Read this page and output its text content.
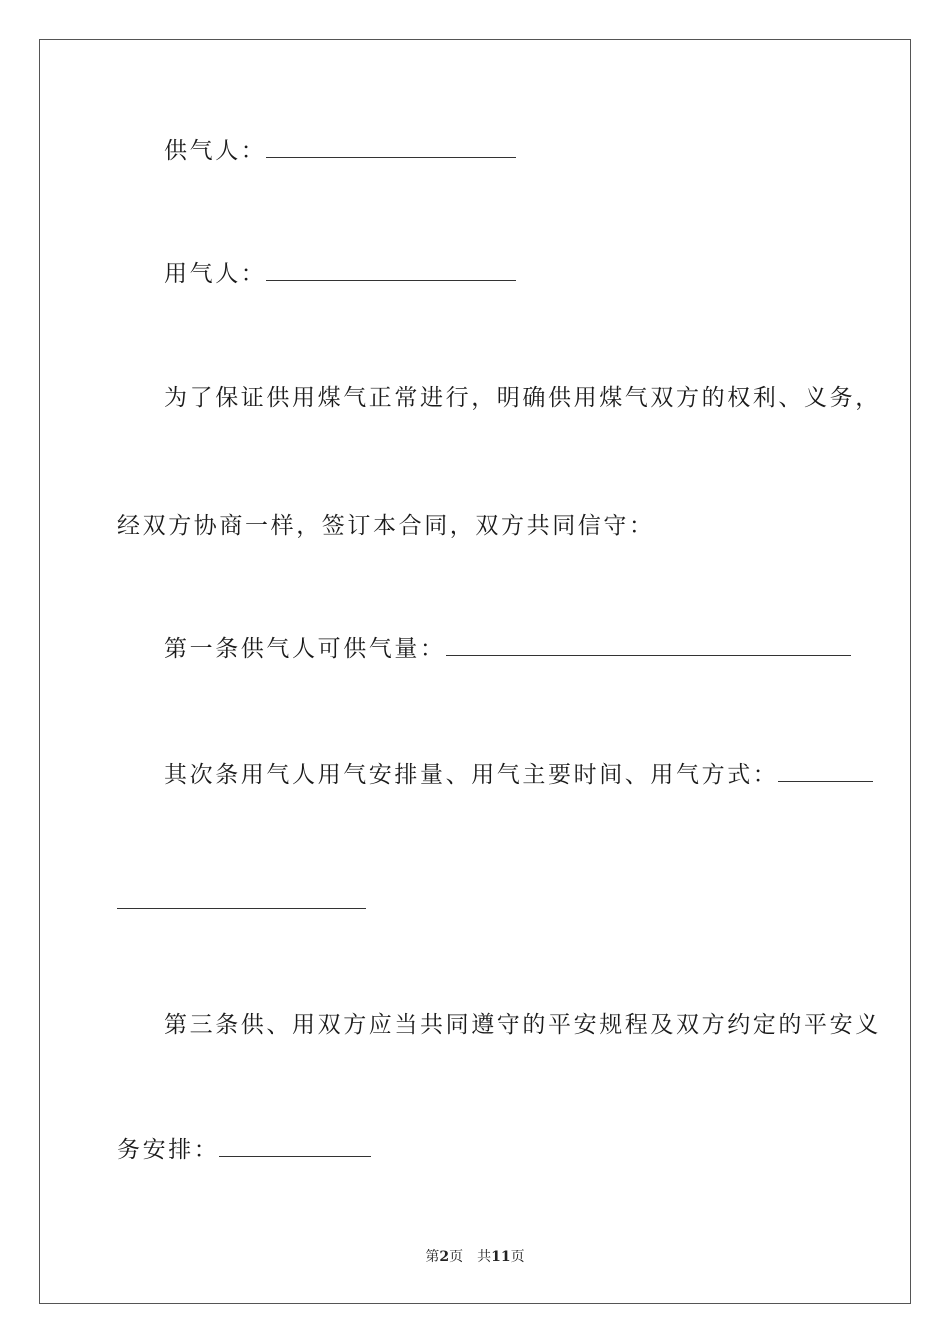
供气人：
用气人：
为了保证供用煤气正常进行，明确供用煤气双方的权利、义务，
经双方协商一样，签订本合同，双方共同信守：
第一条供气人可供气量：
其次条用气人用气安排量、用气主要时间、用气方式：
第三条供、用双方应当共同遵守的平安规程及双方约定的平安义
务安排：
第2页 共11页
